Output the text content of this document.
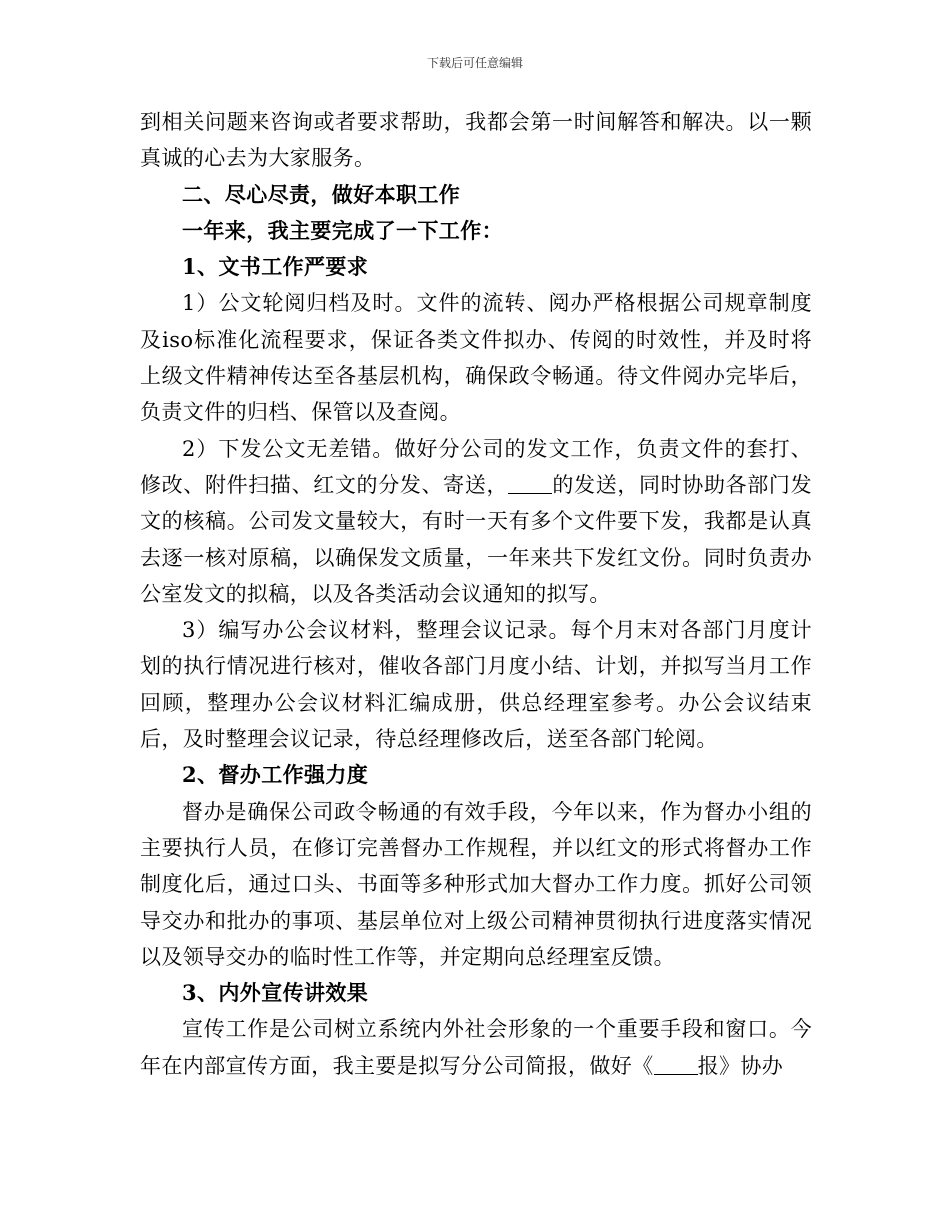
下载后可任意编辑

到相关问题来咨询或者要求帮助，我都会第一时间解答和解决。以一颗真诚的心去为大家服务。

二、尽心尽责，做好本职工作

一年来，我主要完成了一下工作：

1、文书工作严要求

1）公文轮阅归档及时。文件的流转、阅办严格根据公司规章制度及iso标准化流程要求，保证各类文件拟办、传阅的时效性，并及时将上级文件精神传达至各基层机构，确保政令畅通。待文件阅办完毕后，负责文件的归档、保管以及查阅。

2）下发公文无差错。做好分公司的发文工作，负责文件的套打、修改、附件扫描、红文的分发、寄送， 的发送，同时协助各部门发文的核稿。公司发文量较大，有时一天有多个文件要下发，我都是认真去逐一核对原稿，以确保发文质量，一年来共下发红文份。同时负责办公室发文的拟稿，以及各类活动会议通知的拟写。

3）编写办公会议材料，整理会议记录。每个月末对各部门月度计划的执行情况进行核对，催收各部门月度小结、计划，并拟写当月工作回顾，整理办公会议材料汇编成册，供总经理室参考。办公会议结束后，及时整理会议记录，待总经理修改后，送至各部门轮阅。

2、督办工作强力度

督办是确保公司政令畅通的有效手段，今年以来，作为督办小组的主要执行人员，在修订完善督办工作规程，并以红文的形式将督办工作制度化后，通过口头、书面等多种形式加大督办工作力度。抓好公司领导交办和批办的事项、基层单位对上级公司精神贯彻执行进度落实情况以及领导交办的临时性工作等，并定期向总经理室反馈。

3、内外宣传讲效果

宣传工作是公司树立系统内外社会形象的一个重要手段和窗口。今年在内部宣传方面，我主要是拟写分公司简报，做好《 报》协办
